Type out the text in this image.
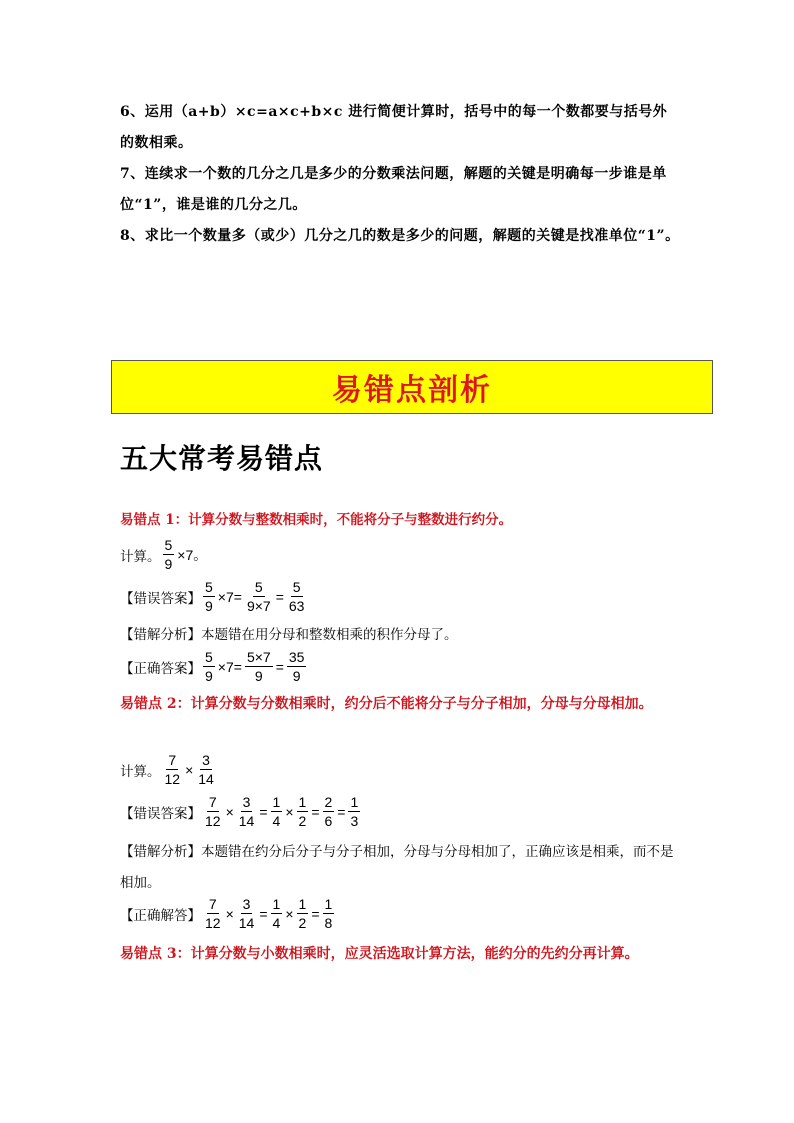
6、运用（a+b）×c=a×c+b×c 进行简便计算时，括号中的每一个数都要与括号外的数相乘。
7、连续求一个数的几分之几是多少的分数乘法问题，解题的关键是明确每一步谁是单位“1”，谁是谁的几分之几。
8、求比一个数量多（或少）几分之几的数是多少的问题，解题的关键是找准单位“1”。
易错点剖析
五大常考易错点
易错点 1：计算分数与整数相乘时，不能将分子与整数进行约分。
计算。 $\frac{5}{9} \times 7$。
【错误答案】 $\frac{5}{9} \times 7= \frac{5}{9\times 7} = \frac{5}{63}$
【错解分析】 本题错在用分母和整数相乘的积作分母了。
【正确答案】 $\frac{5}{9} \times 7= \frac{5\times 7}{9} = \frac{35}{9}$
易错点 2：计算分数与分数相乘时，约分后不能将分子与分子相加，分母与分母相加。
计算。 $\frac{7}{12} \times \frac{3}{14}$
【错误答案】 $\frac{7}{12} \times \frac{3}{14} = \frac{1}{4} \times \frac{1}{2} = \frac{2}{6} = \frac{1}{3}$
【错解分析】本题错在约分后分子与分子相加，分母与分母相加了，正确应该是相乘，而不是相加。
【正确解答】 $\frac{7}{12} \times \frac{3}{14} = \frac{1}{4} \times \frac{1}{2} = \frac{1}{8}$
易错点 3：计算分数与小数相乘时，应灵活选取计算方法，能约分的先约分再计算。
